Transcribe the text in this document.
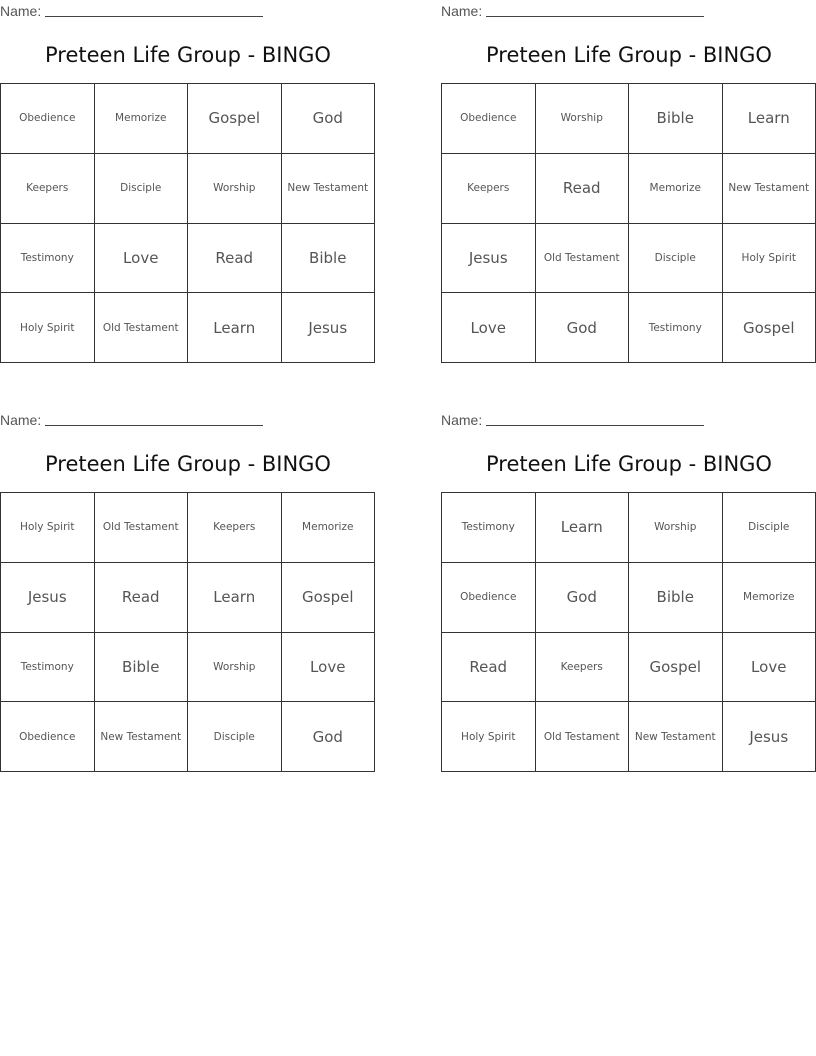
Name:
Preteen Life Group - BINGO
Obedience	Memorize	Gospel	God
Keepers	Disciple	Worship	New Testament
Testimony	Love	Read	Bible
Holy Spirit	Old Testament	Learn	Jesus
Name:
Preteen Life Group - BINGO
Obedience	Worship	Bible	Learn
Keepers	Read	Memorize	New Testament
Jesus	Old Testament	Disciple	Holy Spirit
Love	God	Testimony	Gospel
Name:
Preteen Life Group - BINGO
Holy Spirit	Old Testament	Keepers	Memorize
Jesus	Read	Learn	Gospel
Testimony	Bible	Worship	Love
Obedience	New Testament	Disciple	God
Name:
Preteen Life Group - BINGO
Testimony	Learn	Worship	Disciple
Obedience	God	Bible	Memorize
Read	Keepers	Gospel	Love
Holy Spirit	Old Testament	New Testament	Jesus
